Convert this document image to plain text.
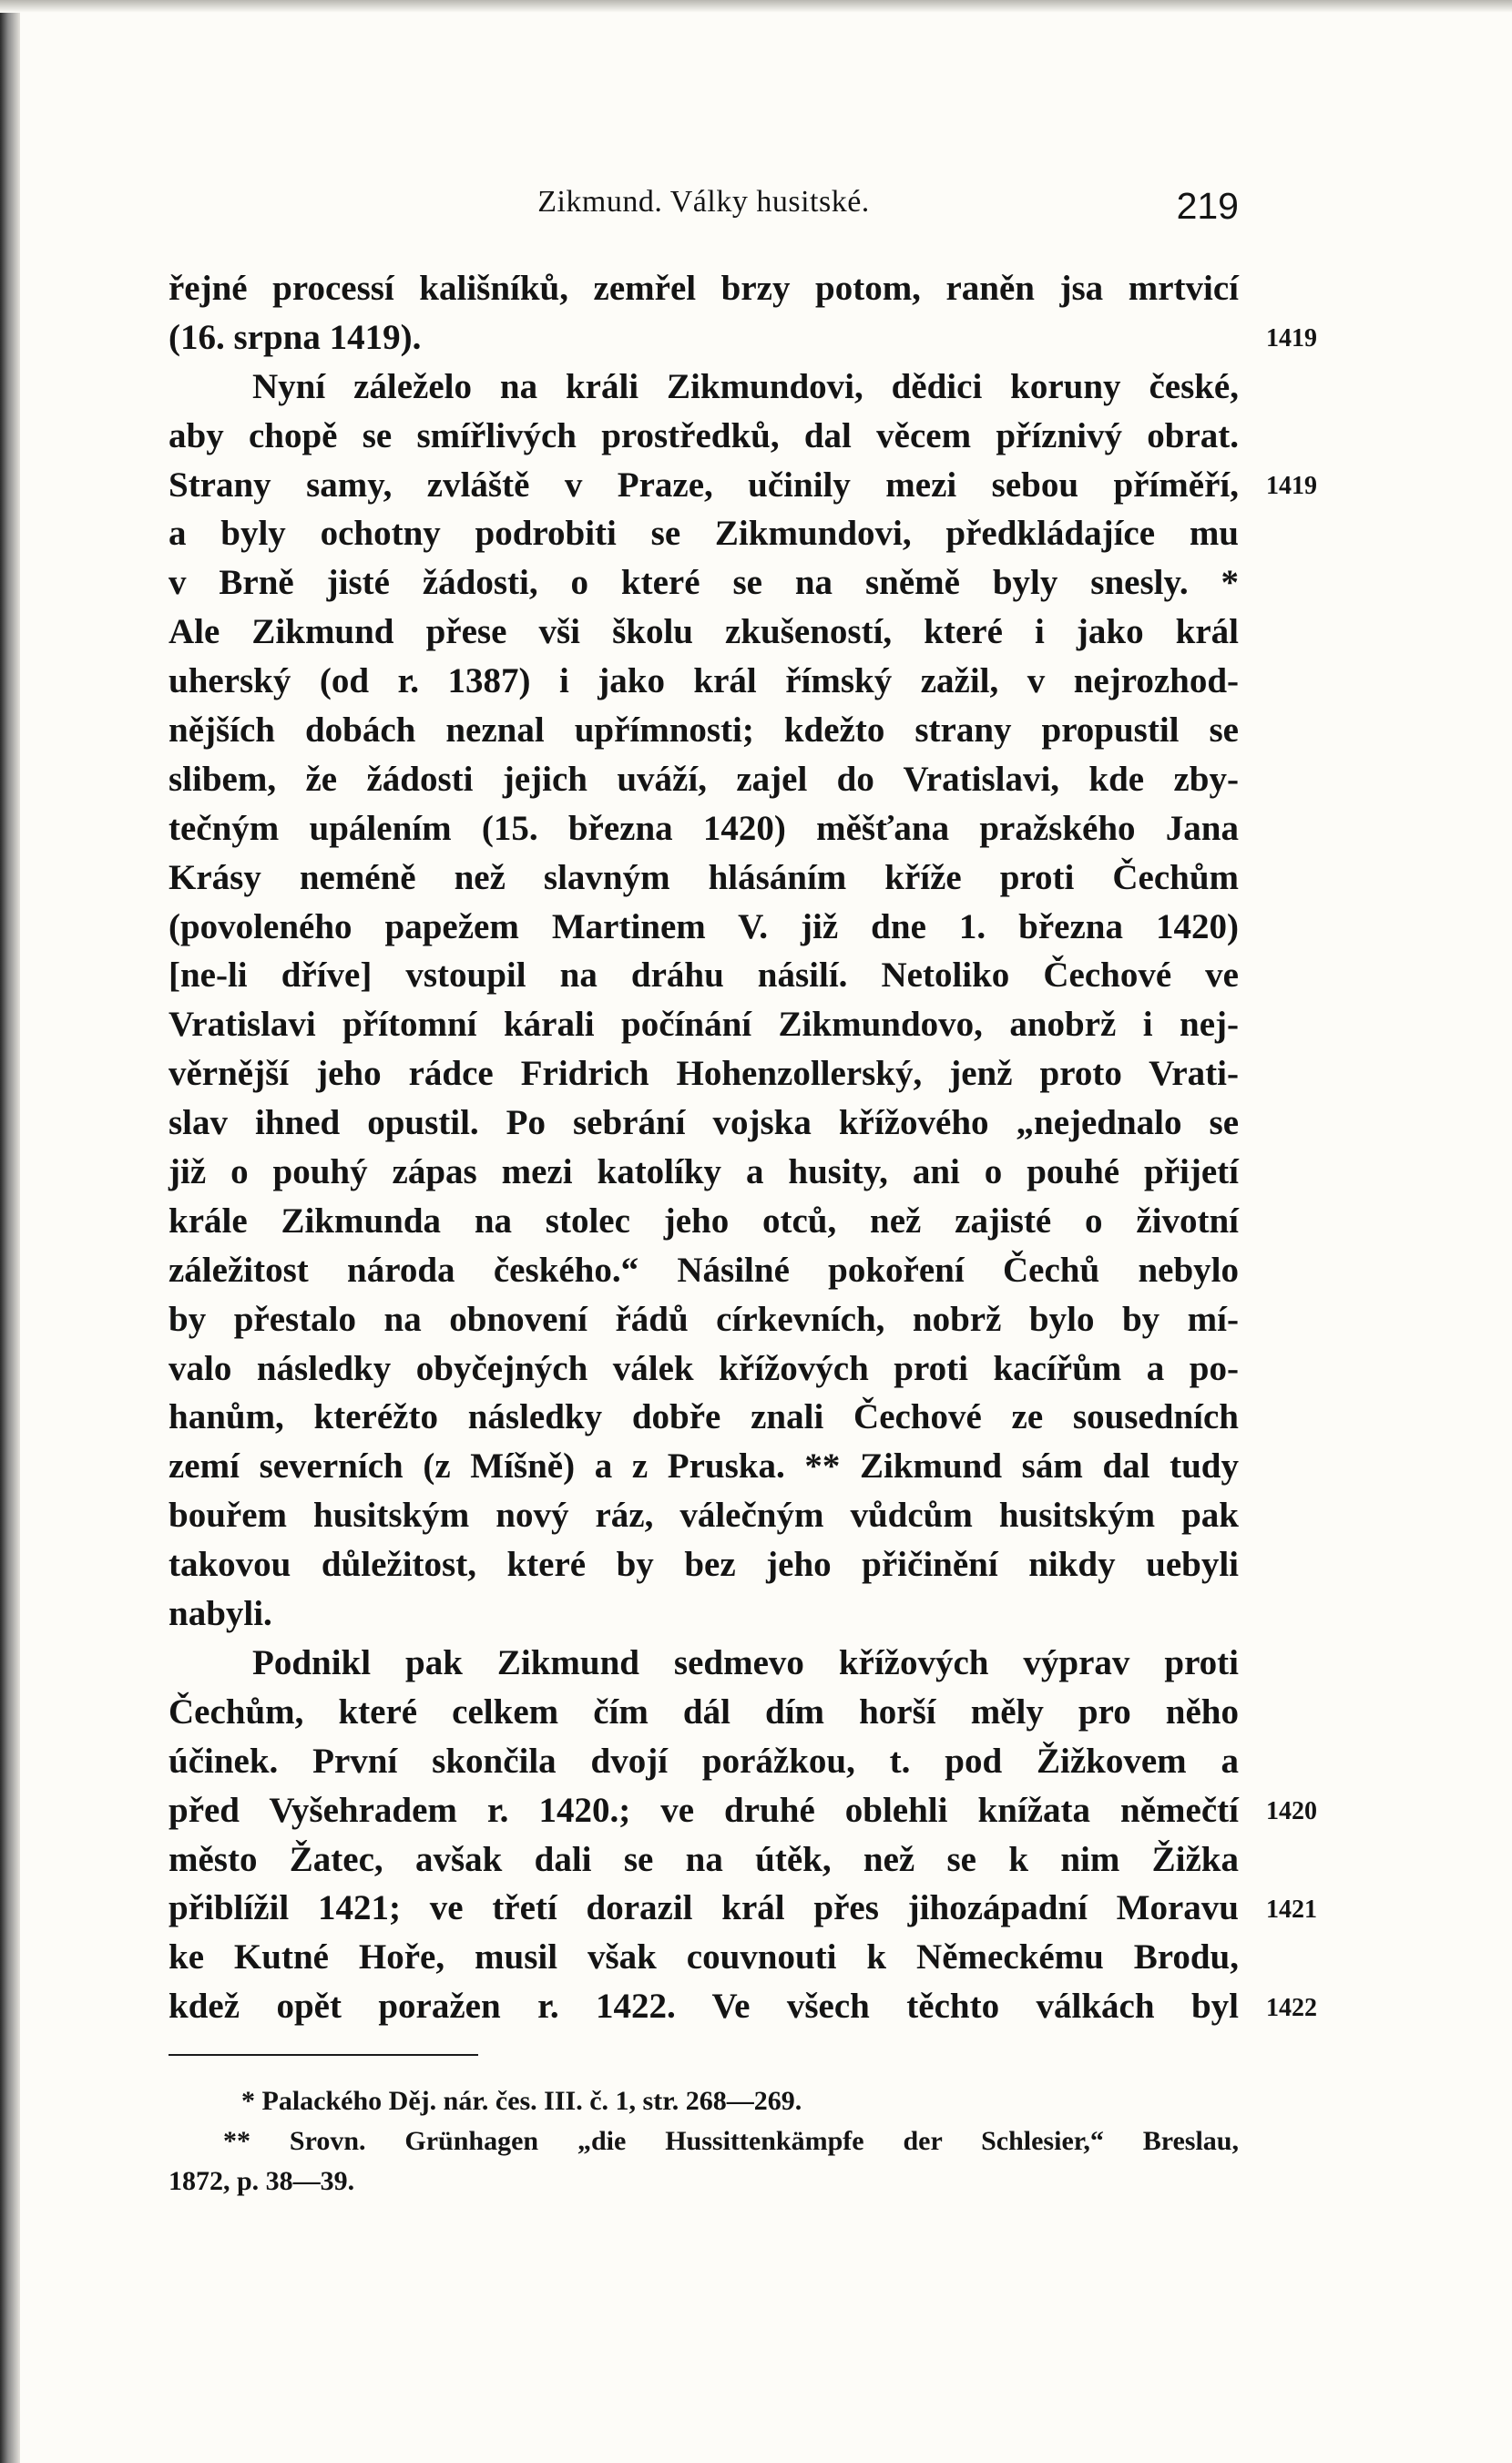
Zikmund. Války husitské.	219
řejné processí kališníků, zemřel brzy potom, raněn jsa mrtvicí
(16. srpna 1419).
Nyní záleželo na králi Zikmundovi, dědici koruny české,
aby chopě se smířlivých prostředků, dal věcem příznivý obrat.
Strany samy, zvláště v Praze, učinily mezi sebou příměří,
a byly ochotny podrobiti se Zikmundovi, předkládajíce mu
v Brně jisté žádosti, o které se na sněmě byly snesly. *
Ale Zikmund přese vši školu zkušeností, které i jako král
uherský (od r. 1387) i jako král římský zažil, v nejrozhod-
nějších dobách neznal upřímnosti; kdežto strany propustil se
slibem, že žádosti jejich uváží, zajel do Vratislavi, kde zby-
tečným upálením (15. března 1420) měšťana pražského Jana
Krásy neméně než slavným hlásáním kříže proti Čechům
(povoleného papežem Martinem V. již dne 1. března 1420)
[ne-li dříve] vstoupil na dráhu násilí. Netoliko Čechové ve
Vratislavi přítomní kárali počínání Zikmundovo, anobrž i nej-
věrnější jeho rádce Fridrich Hohenzollerský, jenž proto Vrati-
slav ihned opustil. Po sebrání vojska křížového „nejednalo se
již o pouhý zápas mezi katolíky a husity, ani o pouhé přijetí
krále Zikmunda na stolec jeho otců, než zajisté o životní
záležitost národa českého.“ Násilné pokoření Čechů nebylo
by přestalo na obnovení řádů církevních, nobrž bylo by mí-
valo následky obyčejných válek křížových proti kacířům a po-
hanům, kteréžto následky dobře znali Čechové ze sousedních
zemí severních (z Míšně) a z Pruska. ** Zikmund sám dal tudy
bouřem husitským nový ráz, válečným vůdcům husitským pak
takovou důležitost, které by bez jeho přičinění nikdy uebyli
nabyli.
Podnikl pak Zikmund sedmevo křížových výprav proti
Čechům, které celkem čím dál dím horší měly pro něho
účinek. První skončila dvojí porážkou, t. pod Žižkovem a
před Vyšehradem r. 1420.; ve druhé oblehli knížata němečtí
město Žatec, avšak dali se na útěk, než se k nim Žižka
přiblížil 1421; ve třetí dorazil král přes jihozápadní Moravu
ke Kutné Hoře, musil však couvnouti k Německému Brodu,
kdež opět poražen r. 1422. Ve všech těchto válkách byl
1419
1419
1420
1421
1422
* Palackého Děj. nár. čes. III. č. 1, str. 268—269.
** Srovn. Grünhagen „die Hussittenkämpfe der Schlesier,“ Breslau,
1872, p. 38—39.
